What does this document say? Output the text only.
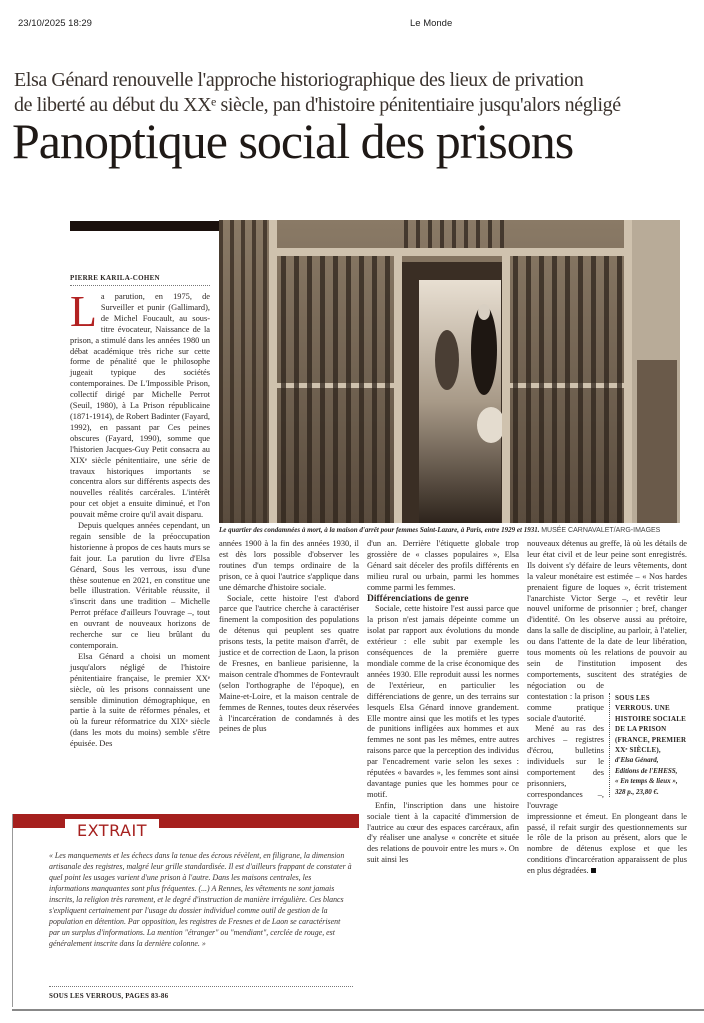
23/10/2025 18:29	Le Monde
Elsa Génard renouvelle l'approche historiographique des lieux de privation
de liberté au début du XXᵉ siècle, pan d'histoire pénitentiaire jusqu'alors négligé
Panoptique social des prisons
Le quartier des condamnées à mort, à la maison d'arrêt pour femmes Saint-Lazare, à Paris, entre 1929 et 1931. MUSÉE CARNAVALET/ARG-IMAGES
PIERRE KARILA-COHEN

La parution, en 1975, de Surveiller et punir (Gallimard), de Michel Foucault, au sous-titre évocateur, Naissance de la prison, a stimulé dans les années 1980 un débat académique très riche sur cette forme de pénalité que le philosophe jugeait typique des sociétés contemporaines. De L'Impossible Prison, collectif dirigé par Michelle Perrot (Seuil, 1980), à La Prison républicaine (1871-1914), de Robert Badinter (Fayard, 1992), en passant par Ces peines obscures (Fayard, 1990), somme que l'historien Jacques-Guy Petit consacra au XIXᵉ siècle pénitentiaire, une série de travaux historiques importants se concentra alors sur différents aspects des nouvelles réalités carcérales. L'intérêt pour cet objet a ensuite diminué, et l'on pouvait même croire qu'il avait disparu.

Depuis quelques années cependant, un regain sensible de la préoccupation historienne à propos de ces hauts murs se fait jour. La parution du livre d'Elsa Génard, Sous les verrous, issu d'une thèse soutenue en 2021, en constitue une belle illustration. Véritable réussite, il s'inscrit dans une tradition – Michelle Perrot préface d'ailleurs l'ouvrage –, tout en ouvrant de nouveaux horizons de recherche sur ce lieu brûlant du contemporain.

Elsa Génard a choisi un moment jusqu'alors négligé de l'histoire pénitentiaire française, le premier XXᵉ siècle, où les prisons connaissent une sensible diminution démographique, en partie à la suite de réformes pénales, et où la fureur réformatrice du XIXᵉ siècle (dans les mots du moins) semble s'être épuisée. Des

années 1900 à la fin des années 1930, il est dès lors possible d'observer les routines d'un temps ordinaire de la prison, ce à quoi l'autrice s'applique dans une démarche d'histoire sociale.

Sociale, cette histoire l'est d'abord parce que l'autrice cherche à caractériser finement la composition des populations de détenus qui peuplent ses quatre prisons tests, la petite maison d'arrêt, de justice et de correction de Laon, la prison de Fresnes, en banlieue parisienne, la maison centrale d'hommes de Fontevrault (selon l'orthographe de l'époque), en Maine-et-Loire, et la maison centrale de femmes de Rennes, toutes deux réservées à l'incarcération de condamnés à des peines de plus

d'un an. Derrière l'étiquette globale trop grossière de « classes populaires », Elsa Génard sait déceler des profils différents en milieu rural ou urbain, parmi les hommes comme parmi les femmes.

Différenciations de genre

Sociale, cette histoire l'est aussi parce que la prison n'est jamais dépeinte comme un isolat par rapport aux évolutions du monde extérieur : elle subit par exemple les conséquences de la première guerre mondiale comme de la crise économique des années 1930. Elle reproduit aussi les normes de l'extérieur, en particulier les différenciations de genre, un des terrains sur lesquels Elsa Génard innove grandement. Elle montre ainsi que les motifs et les types de punitions infligées aux hommes et aux femmes ne sont pas les mêmes, entre autres raisons parce que la perception des individus par l'encadrement varie selon les sexes : réputées « bavardes », les femmes sont ainsi davantage punies que les hommes pour ce motif.

Enfin, l'inscription dans une histoire sociale tient à la capacité d'immersion de l'autrice au cœur des espaces carcéraux, afin d'y réaliser une analyse « concrète et située des relations de pouvoir entre les murs ». On suit ainsi les

SOUS LES VERROUS. UNE HISTOIRE SOCIALE DE LA PRISON (FRANCE, PREMIER XXᵉ SIÈCLE),
d'Elsa Génard,
Editions de l'EHESS,
« En temps & lieux »,
328 p., 23,80 €.

nouveaux détenus au greffe, là où les détails de leur état civil et de leur peine sont enregistrés. Ils doivent s'y défaire de leurs vêtements, dont la valeur monétaire est estimée – « Nos hardes prenaient figure de loques », écrit tristement l'anarchiste Victor Serge –, et revêtir leur nouvel uniforme de prisonnier ; bref, changer d'identité. On les observe aussi au prétoire, dans la salle de discipline, au parloir, à l'atelier, ou dans l'attente de la date de leur libération, tous moments où les relations de pouvoir au sein de l'institution imposent des comportements, suscitent des stratégies de négociation ou de contestation : la prison comme pratique sociale d'autorité.

Mené au ras des archives – registres d'écrou, bulletins individuels sur le comportement des prisonniers, correspondances –, l'ouvrage impressionne et émeut. En plongeant dans le passé, il refait surgir des questionnements sur le rôle de la prison au présent, alors que le nombre de détenus explose et que les conditions d'incarcération apparaissent de plus en plus dégradées.

EXTRAIT
« Les manquements et les échecs dans la tenue des écrous révèlent, en filigrane, la dimension artisanale des registres, malgré leur grille standardisée. Il est d'ailleurs frappant de constater à quel point les usages varient d'une prison à l'autre. Dans les maisons centrales, les informations manquantes sont plus fréquentes. (...) A Rennes, les vêtements ne sont jamais inscrits, la religion très rarement, et le degré d'instruction de manière irrégulière. Ces blancs s'expliquent certainement par l'usage du dossier individuel comme outil de gestion de la population en détention. Par opposition, les registres de Fresnes et de Laon se caractérisent par un surplus d'informations. La mention "étranger" ou "mendiant", cerclée de rouge, est généralement inscrite dans la dernière colonne. »
SOUS LES VERROUS, PAGES 83-86
